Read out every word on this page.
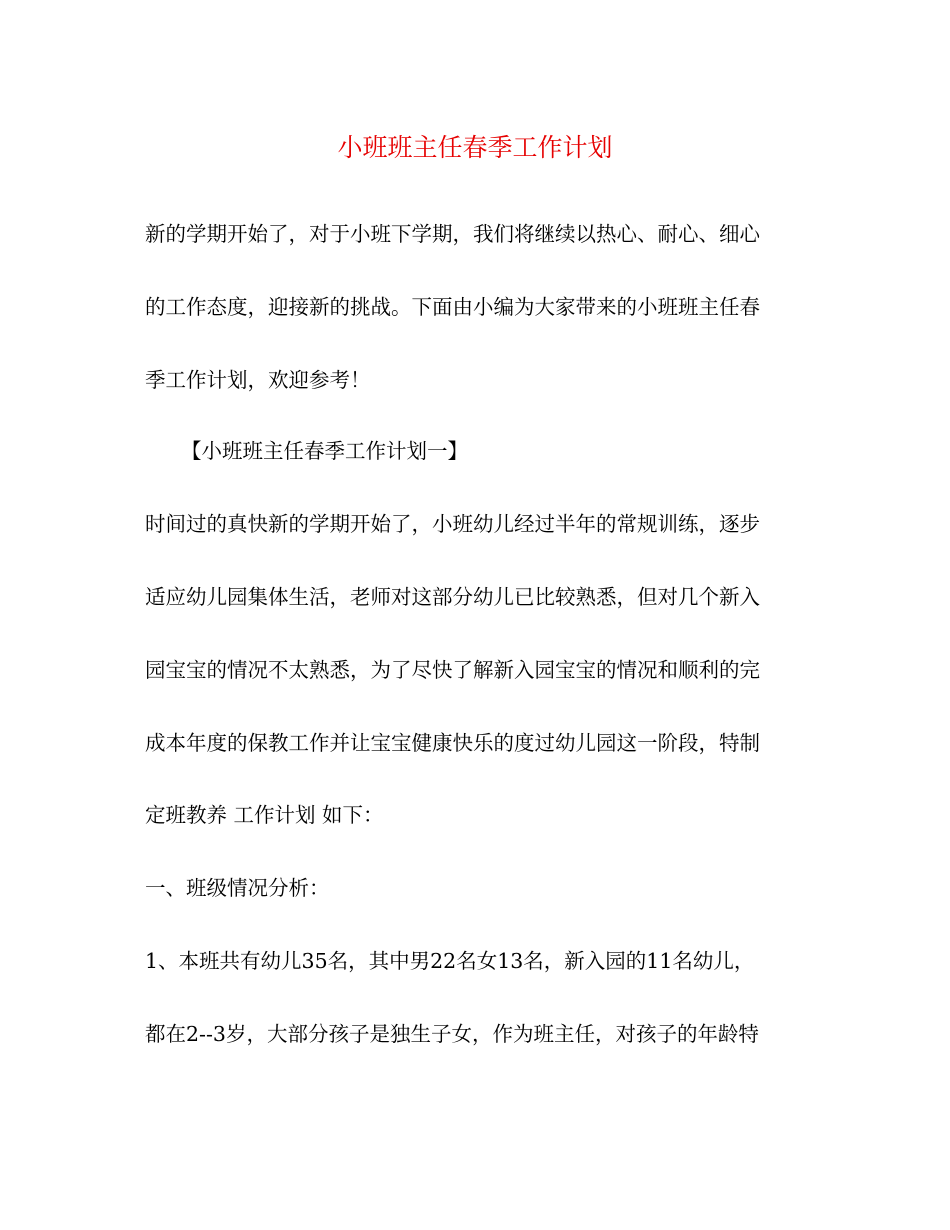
小班班主任春季工作计划
新的学期开始了，对于小班下学期，我们将继续以热心、耐心、细心
的工作态度，迎接新的挑战。下面由小编为大家带来的小班班主任春
季工作计划，欢迎参考！
【小班班主任春季工作计划一】
时间过的真快新的学期开始了，小班幼儿经过半年的常规训练，逐步
适应幼儿园集体生活，老师对这部分幼儿已比较熟悉，但对几个新入
园宝宝的情况不太熟悉，为了尽快了解新入园宝宝的情况和顺利的完
成本年度的保教工作并让宝宝健康快乐的度过幼儿园这一阶段，特制
定班教养 工作计划 如下：
一、班级情况分析：
1、本班共有幼儿35名，其中男22名女13名，新入园的11名幼儿，
都在2--3岁，大部分孩子是独生子女，作为班主任，对孩子的年龄特
